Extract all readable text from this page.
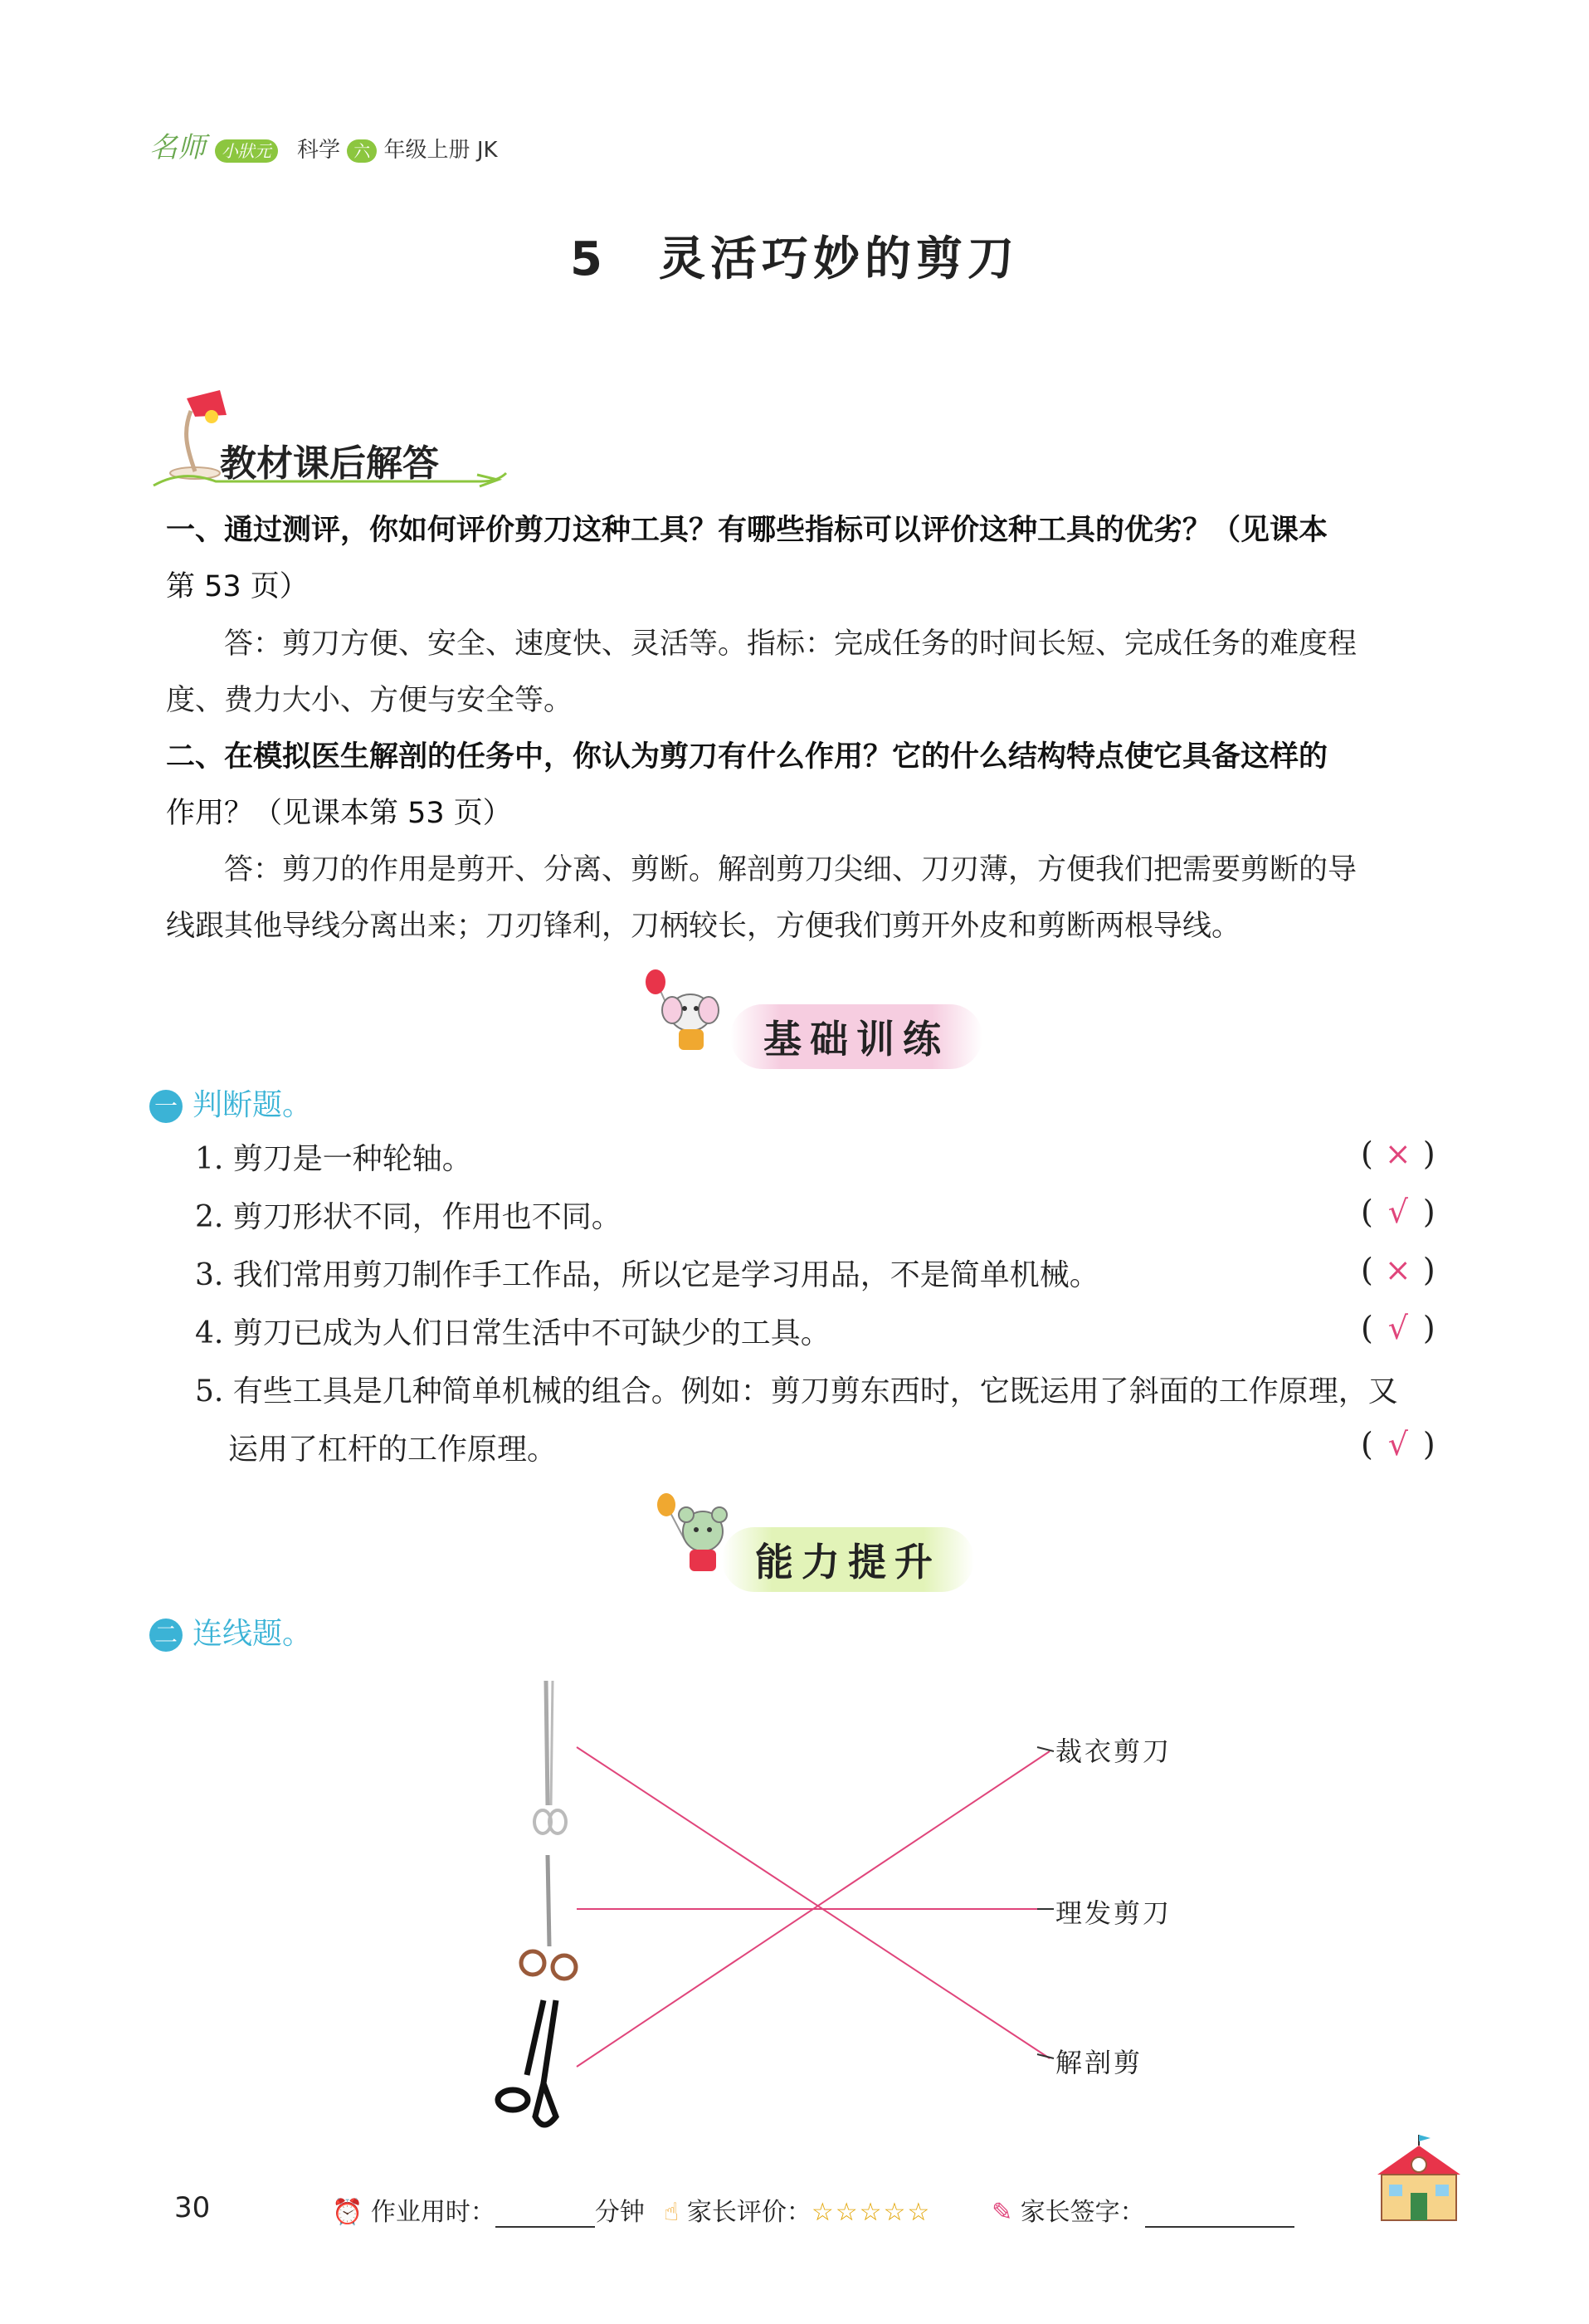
名师 小狀元	科学 六 年级上册 JK
5　灵活巧妙的剪刀
教材课后解答
一、通过测评，你如何评价剪刀这种工具？有哪些指标可以评价这种工具的优劣？（见课本
第 53 页）
答：剪刀方便、安全、速度快、灵活等。指标：完成任务的时间长短、完成任务的难度程
度、费力大小、方便与安全等。
二、在模拟医生解剖的任务中，你认为剪刀有什么作用？它的什么结构特点使它具备这样的
作用？（见课本第 53 页）
答：剪刀的作用是剪开、分离、剪断。解剖剪刀尖细、刀刃薄，方便我们把需要剪断的导
线跟其他导线分离出来；刀刃锋利，刀柄较长，方便我们剪开外皮和剪断两根导线。
基础训练
一 判断题。
1. 剪刀是一种轮轴。	( × )
2. 剪刀形状不同，作用也不同。	( √ )
3. 我们常用剪刀制作手工作品，所以它是学习用品，不是简单机械。	( × )
4. 剪刀已成为人们日常生活中不可缺少的工具。	( √ )
5. 有些工具是几种简单机械的组合。例如：剪刀剪东西时，它既运用了斜面的工作原理，又
运用了杠杆的工作原理。	( √ )
能力提升
二 连线题。
裁衣剪刀
理发剪刀
解剖剪
30	⏰ 作业用时：	分钟 ☝ 家长评价：☆☆☆☆☆ ✎ 家长签字：
